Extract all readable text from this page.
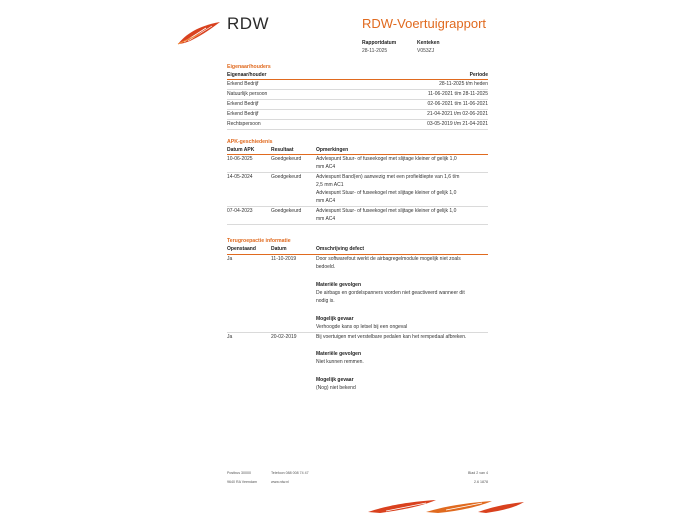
RDW	RDW-Voertuigrapport
Rapportdatum
28-11-2025
Kenteken
V053ZJ
Eigenaar/houders
Eigenaar/houder	Periode
Erkend Bedrijf	28-11-2025 t/m heden
Natuurlijk persoon	11-06-2021 t/m 28-11-2025
Erkend Bedrijf	02-06-2021 t/m 11-06-2021
Erkend Bedrijf	21-04-2021 t/m 02-06-2021
Rechtspersoon	03-05-2019 t/m 21-04-2021
APK-geschiedenis
Datum APK	Resultaat	Opmerkingen
10-06-2025	Goedgekeurd	AdvIespunt Stuur- of fuseekogel met slijtage kleiner of gelijk 1,0
mm AC4
14-05-2024	Goedgekeurd	Adviespunt Band(en) aanwezig met een profieldiepte van 1,6 t/m
2,5 mm AC1
Adviespunt Stuur- of fuseekogel met slijtage kleiner of gelijk 1,0
mm AC4
07-04-2023	Goedgekeurd	Adviespunt Stuur- of fuseekogel met slijtage kleiner of gelijk 1,0
mm AC4
Terugroepactie informatie
Openstaand	Datum	Omschrijving defect
Ja	11-10-2019	Door softwarefout werkt de airbagregelmodule mogelijk niet zoals
bedoeld.
Materiële gevolgen
De airbags en gordelspanners worden niet geactiveerd wanneer dit
nodig is.
Mogelijk gevaar
Verhoogde kans op letsel bij een ongeval
Ja	20-02-2019	Bij voertuigen met verstelbare pedalen kan het rempedaal afbreken.
Materiële gevolgen
Niet kunnen remmen.
Mogelijk gevaar
(Nog) niet bekend
Postbus 30000	Telefoon 088 008 74 47	Blad 2 van 4
9640 RA Veendam	www.rdw.nl	2.6 1878
